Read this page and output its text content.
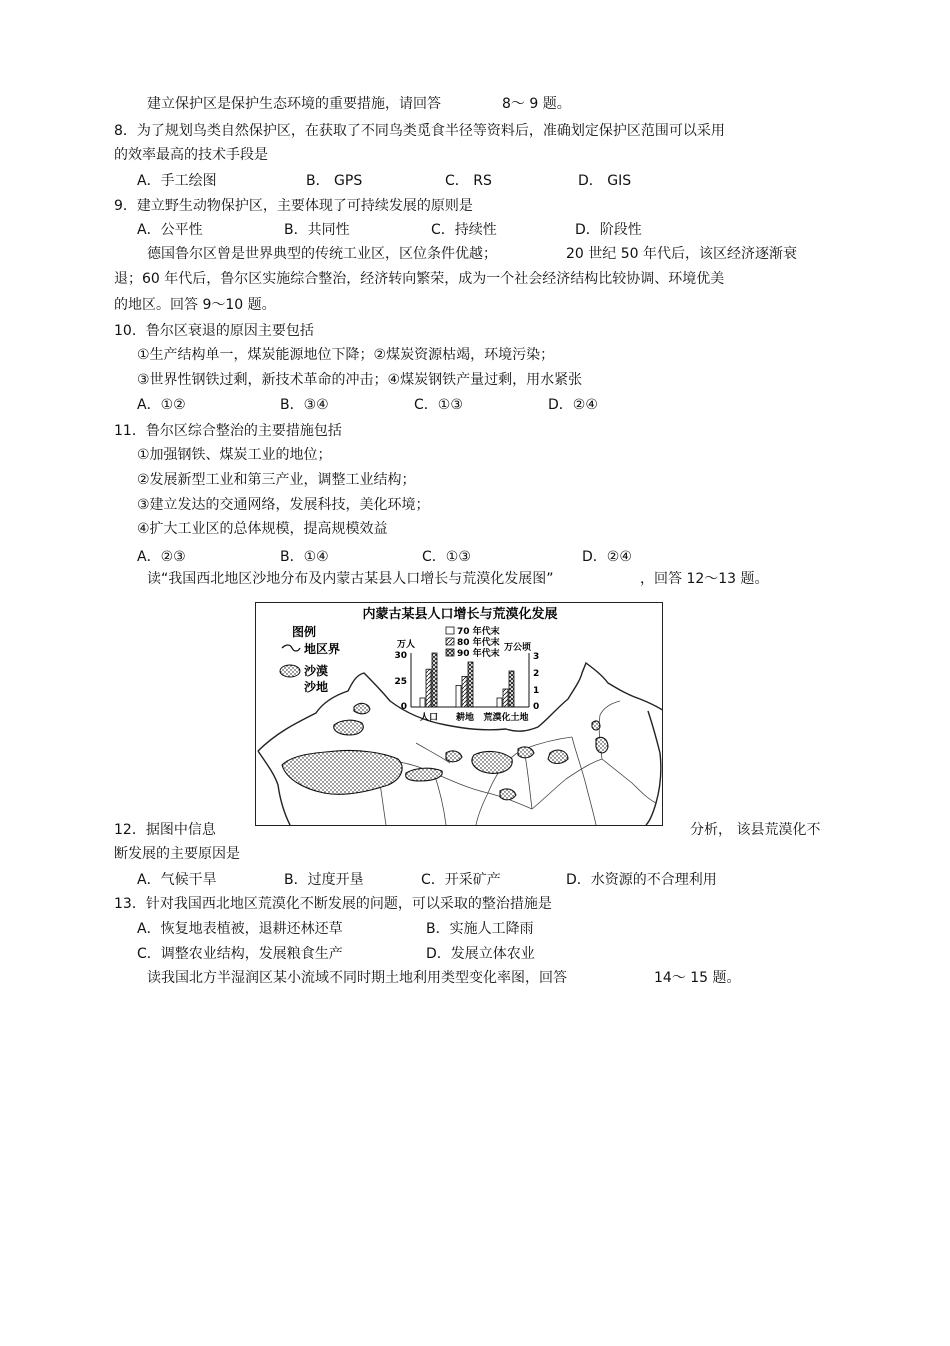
建立保护区是保护生态环境的重要措施，请回答	8～ 9 题。
8．为了规划鸟类自然保护区，在获取了不同鸟类觅食半径等资料后，准确划定保护区范围可以采用
的效率最高的技术手段是
A．手工绘图	B． GPS	C． RS	D． GIS
9．建立野生动物保护区，主要体现了可持续发展的原则是
A．公平性	B．共同性	C．持续性	D．阶段性
德国鲁尔区曾是世界典型的传统工业区，区位条件优越；	20 世纪 50 年代后，该区经济逐渐衰
退；60 年代后，鲁尔区实施综合整治，经济转向繁荣，成为一个社会经济结构比较协调、环境优美
的地区。回答 9～10 题。
10．鲁尔区衰退的原因主要包括
①生产结构单一，煤炭能源地位下降；②煤炭资源枯竭，环境污染；
③世界性钢铁过剩，新技术革命的冲击；④煤炭钢铁产量过剩，用水紧张
A．①②	B．③④	C．①③	D．②④
11．鲁尔区综合整治的主要措施包括
①加强钢铁、煤炭工业的地位；
②发展新型工业和第三产业，调整工业结构；
③建立发达的交通网络，发展科技，美化环境；
④扩大工业区的总体规模，提高规模效益
A．②③	B．①④	C．①③	D．②④
读“我国西北地区沙地分布及内蒙古某县人口增长与荒漠化发展图”	，回答 12～13 题。
内蒙古某县人口增长与荒漠化发展
图例
地区界
沙漠
沙地
万人	万公顷
30
25
0
3
2
1
0
70 年代末
80 年代末
90 年代末
人口 耕地 荒漠化土地
12．据图中信息	分析， 该县荒漠化不
断发展的主要原因是
A．气候干旱	B．过度开垦	C．开采矿产	D．水资源的不合理利用
13．针对我国西北地区荒漠化不断发展的问题，可以采取的整治措施是
A．恢复地表植被，退耕还林还草	B．实施人工降雨
C．调整农业结构，发展粮食生产	D．发展立体农业
读我国北方半湿润区某小流域不同时期土地利用类型变化率图，回答	14～ 15 题。
